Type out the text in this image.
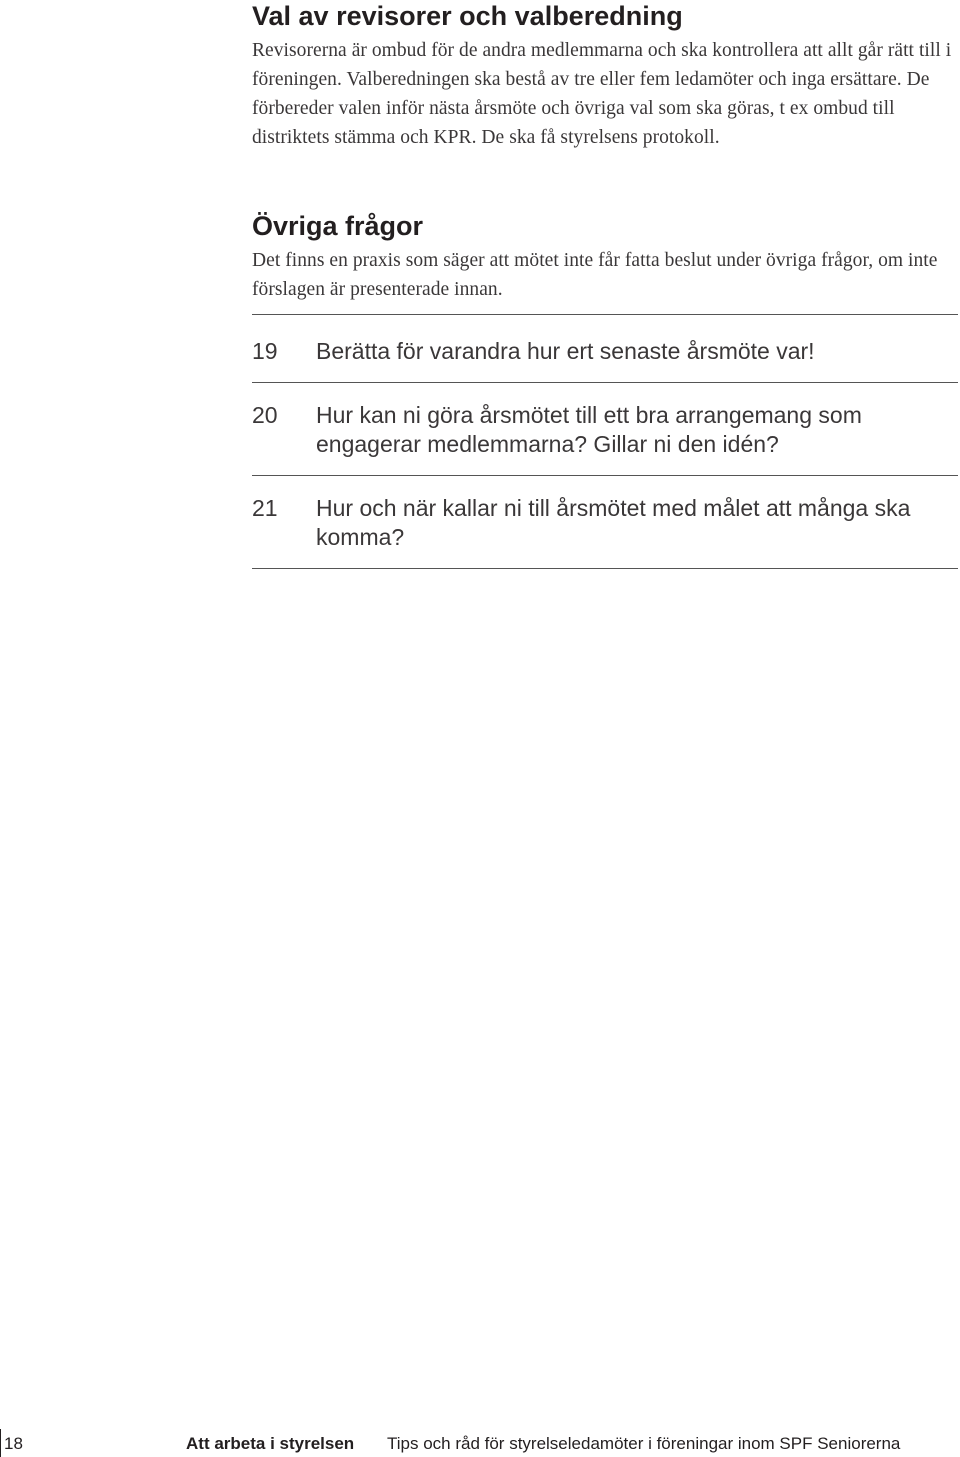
Val av revisorer och valberedning

Revisorerna är ombud för de andra medlemmarna och ska kontrollera att allt går rätt till i föreningen. Valberedningen ska bestå av tre eller fem ledamöter och inga ersättare. De förbereder valen inför nästa årsmöte och övriga val som ska göras, t ex ombud till distriktets stämma och KPR. De ska få styrelsens protokoll.

Övriga frågor

Det finns en praxis som säger att mötet inte får fatta beslut under övriga frågor, om inte förslagen är presenterade innan.

19	Berätta för varandra hur ert senaste årsmöte var!
20	Hur kan ni göra årsmötet till ett bra arrangemang som engagerar medlemmarna? Gillar ni den idén?
21	Hur och när kallar ni till årsmötet med målet att många ska komma?
18	Att arbeta i styrelsen Tips och råd för styrelseledamöter i föreningar inom SPF Seniorerna
